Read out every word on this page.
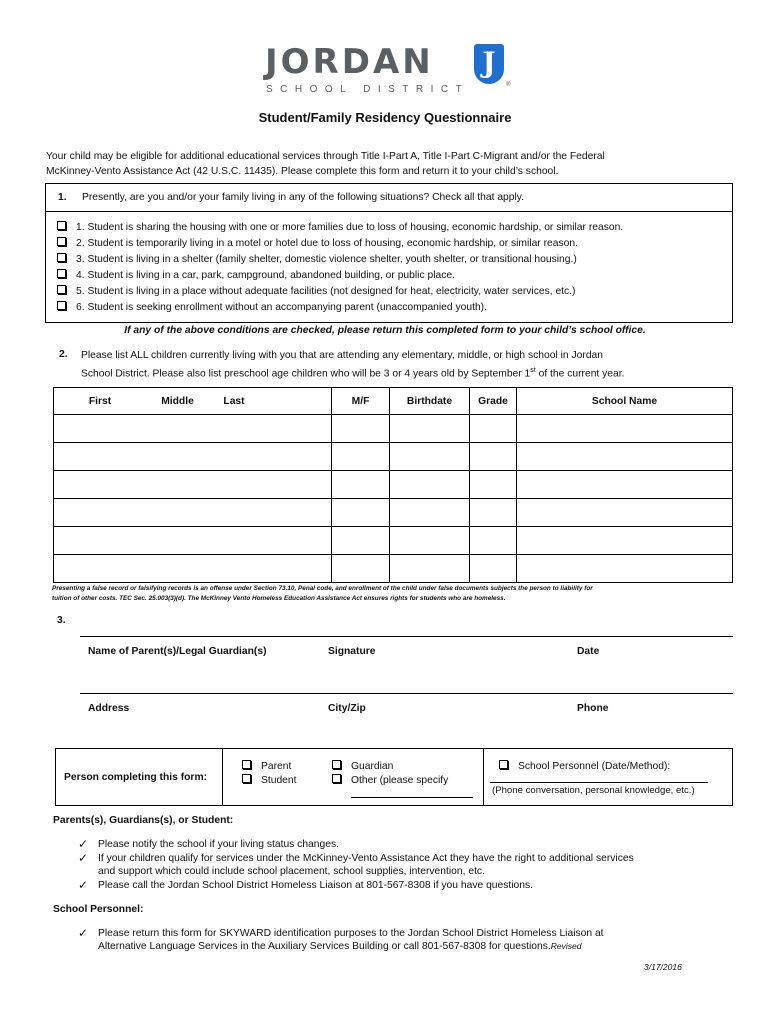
JORDAN
SCHOOL DISTRICT
J
®
Student/Family Residency Questionnaire
Your child may be eligible for additional educational services through Title I-Part A, Title I-Part C-Migrant and/or the Federal
McKinney-Vento Assistance Act (42 U.S.C. 11435). Please complete this form and return it to your child’s school.
1. Presently, are you and/or your family living in any of the following situations? Check all that apply.
1. Student is sharing the housing with one or more families due to loss of housing, economic hardship, or similar reason.
2. Student is temporarily living in a motel or hotel due to loss of housing, economic hardship, or similar reason.
3. Student is living in a shelter (family shelter, domestic violence shelter, youth shelter, or transitional housing.)
4. Student is living in a car, park, campground, abandoned building, or public place.
5. Student is living in a place without adequate facilities (not designed for heat, electricity, water services, etc.)
6. Student is seeking enrollment without an accompanying parent (unaccompanied youth).
If any of the above conditions are checked, please return this completed form to your child’s school office.
2. Please list ALL children currently living with you that are attending any elementary, middle, or high school in Jordan
School District. Please also list preschool age children who will be 3 or 4 years old by September 1st of the current year.
First Middle Last	M/F	Birthdate	Grade	School Name

Presenting a false record or falsifying records is an offense under Section 73.10, Penal code, and enrollment of the child under false documents subjects the person to liability for
tuition of other costs. TEC Sec. 25.003(3)(d). The McKinney Vento Homeless Education Assistance Act ensures rights for students who are homeless.
3.
Name of Parent(s)/Legal Guardian(s)	Signature	Date
Address	City/Zip	Phone
Person completing this form:
Parent
Student
Guardian
Other (please specify
School Personnel (Date/Method):
(Phone conversation, personal knowledge, etc.)
Parents(s), Guardians(s), or Student:
✓ Please notify the school if your living status changes.
✓ If your children qualify for services under the McKinney-Vento Assistance Act they have the right to additional services
and support which could include school placement, school supplies, intervention, etc.
✓ Please call the Jordan School District Homeless Liaison at 801-567-8308 if you have questions.
School Personnel:
✓ Please return this form for SKYWARD identification purposes to the Jordan School District Homeless Liaison at
Alternative Language Services in the Auxiliary Services Building or call 801-567-8308 for questions.Revised
3/17/2016
